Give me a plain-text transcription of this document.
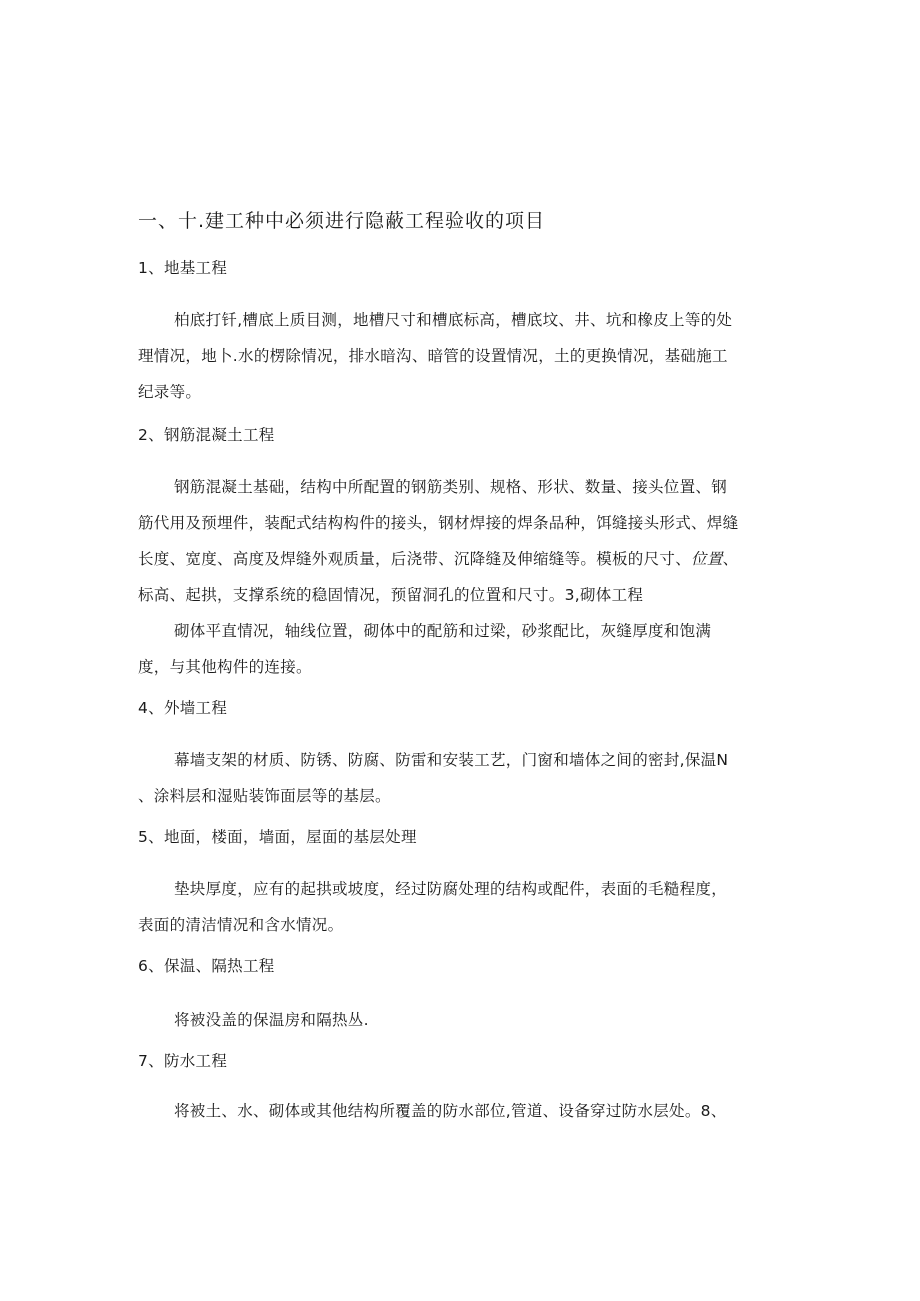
一、十.建工种中必须进行隐蔽工程验收的项目
1、地基工程
柏底打钎,槽底上质目测，地槽尺寸和槽底标高，槽底坟、井、坑和橡皮上等的处
理情况，地卜.水的楞除情况，排水暗沟、暗管的设置情况，土的更换情况，基础施工
纪录等。
2、钢筋混凝土工程
钢筋混凝土基础，结构中所配置的钢筋类别、规格、形状、数量、接头位置、钢
筋代用及预埋件，装配式结构构件的接头，钢材焊接的焊条品种，饵缝接头形式、焊缝
长度、宽度、高度及焊缝外观质量，后浇带、沉降缝及伸缩缝等。模板的尺寸、位置、
标高、起拱，支撑系统的稳固情况，预留洞孔的位置和尺寸。3,砌体工程
砌体平直情况，轴线位置，砌体中的配筋和过梁，砂浆配比，灰缝厚度和饱满
度，与其他构件的连接。
4、外墙工程
幕墙支架的材质、防锈、防腐、防雷和安装工艺，门窗和墙体之间的密封,保温N
、涂料层和湿贴装饰面层等的基层。
5、地面，楼面，墙面，屋面的基层处理
垫块厚度，应有的起拱或坡度，经过防腐处理的结构或配件，表面的毛糙程度，
表面的清洁情况和含水情况。
6、保温、隔热工程
将被没盖的保温房和隔热丛.
7、防水工程
将被土、水、砌体或其他结构所覆盖的防水部位,管道、设备穿过防水层处。8、
